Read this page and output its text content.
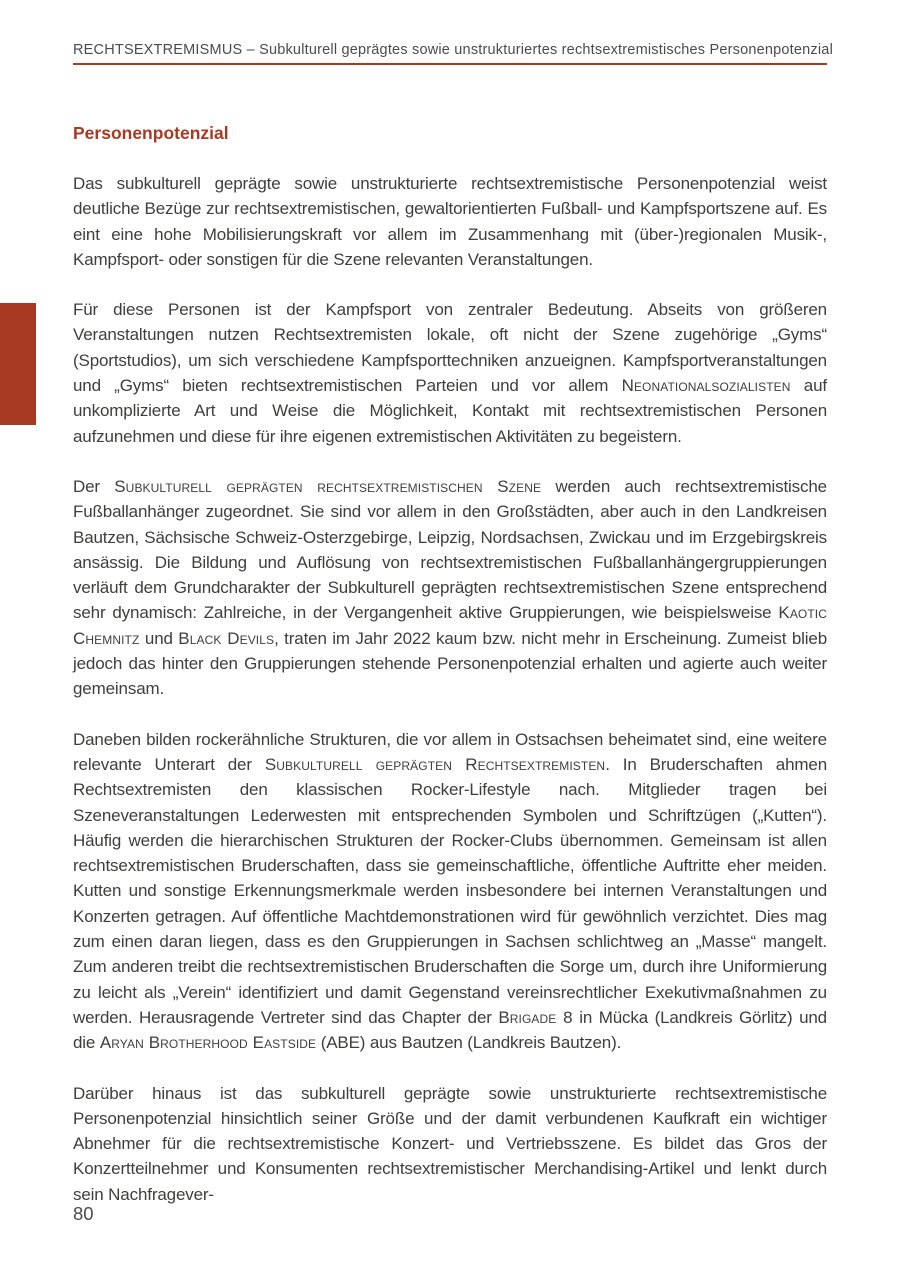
RECHTSEXTREMISMUS – Subkulturell geprägtes sowie unstrukturiertes rechtsextremistisches Personenpotenzial
Personenpotenzial

Das subkulturell geprägte sowie unstrukturierte rechtsextremistische Personenpotenzial weist deutliche Bezüge zur rechtsextremistischen, gewaltorientierten Fußball- und Kampfsportszene auf. Es eint eine hohe Mobilisierungskraft vor allem im Zusammenhang mit (über-)regionalen Musik-, Kampfsport- oder sonstigen für die Szene relevanten Veranstaltungen.

Für diese Personen ist der Kampfsport von zentraler Bedeutung. Abseits von größeren Veranstaltungen nutzen Rechtsextremisten lokale, oft nicht der Szene zugehörige „Gyms“ (Sportstudios), um sich verschiedene Kampfsporttechniken anzueignen. Kampfsportveranstaltungen und „Gyms“ bieten rechtsextremistischen Parteien und vor allem Neonationalsozialisten auf unkomplizierte Art und Weise die Möglichkeit, Kontakt mit rechtsextremistischen Personen aufzunehmen und diese für ihre eigenen extremistischen Aktivitäten zu begeistern.

Der Subkulturell geprägten rechtsextremistischen Szene werden auch rechtsextremistische Fußballanhänger zugeordnet. Sie sind vor allem in den Großstädten, aber auch in den Landkreisen Bautzen, Sächsische Schweiz-Osterzgebirge, Leipzig, Nordsachsen, Zwickau und im Erzgebirgskreis ansässig. Die Bildung und Auflösung von rechtsextremistischen Fußballanhängergruppierungen verläuft dem Grundcharakter der Subkulturell geprägten rechtsextremistischen Szene entsprechend sehr dynamisch: Zahlreiche, in der Vergangenheit aktive Gruppierungen, wie beispielsweise Kaotic Chemnitz und Black Devils, traten im Jahr 2022 kaum bzw. nicht mehr in Erscheinung. Zumeist blieb jedoch das hinter den Gruppierungen stehende Personenpotenzial erhalten und agierte auch weiter gemeinsam.

Daneben bilden rockerähnliche Strukturen, die vor allem in Ostsachsen beheimatet sind, eine weitere relevante Unterart der Subkulturell geprägten Rechtsextremisten. In Bruderschaften ahmen Rechtsextremisten den klassischen Rocker-Lifestyle nach. Mitglieder tragen bei Szeneveranstaltungen Lederwesten mit entsprechenden Symbolen und Schriftzügen („Kutten“). Häufig werden die hierarchischen Strukturen der Rocker-Clubs übernommen. Gemeinsam ist allen rechtsextremistischen Bruderschaften, dass sie gemeinschaftliche, öffentliche Auftritte eher meiden. Kutten und sonstige Erkennungsmerkmale werden insbesondere bei internen Veranstaltungen und Konzerten getragen. Auf öffentliche Machtdemonstrationen wird für gewöhnlich verzichtet. Dies mag zum einen daran liegen, dass es den Gruppierungen in Sachsen schlichtweg an „Masse“ mangelt. Zum anderen treibt die rechtsextremistischen Bruderschaften die Sorge um, durch ihre Uniformierung zu leicht als „Verein“ identifiziert und damit Gegenstand vereinsrechtlicher Exekutivmaßnahmen zu werden. Herausragende Vertreter sind das Chapter der Brigade 8 in Mücka (Landkreis Görlitz) und die Aryan Brotherhood Eastside (ABE) aus Bautzen (Landkreis Bautzen).

Darüber hinaus ist das subkulturell geprägte sowie unstrukturierte rechtsextremistische Personenpotenzial hinsichtlich seiner Größe und der damit verbundenen Kaufkraft ein wichtiger Abnehmer für die rechtsextremistische Konzert- und Vertriebsszene. Es bildet das Gros der Konzertteilnehmer und Konsumenten rechtsextremistischer Merchandising-Artikel und lenkt durch sein Nachfragever-

80
